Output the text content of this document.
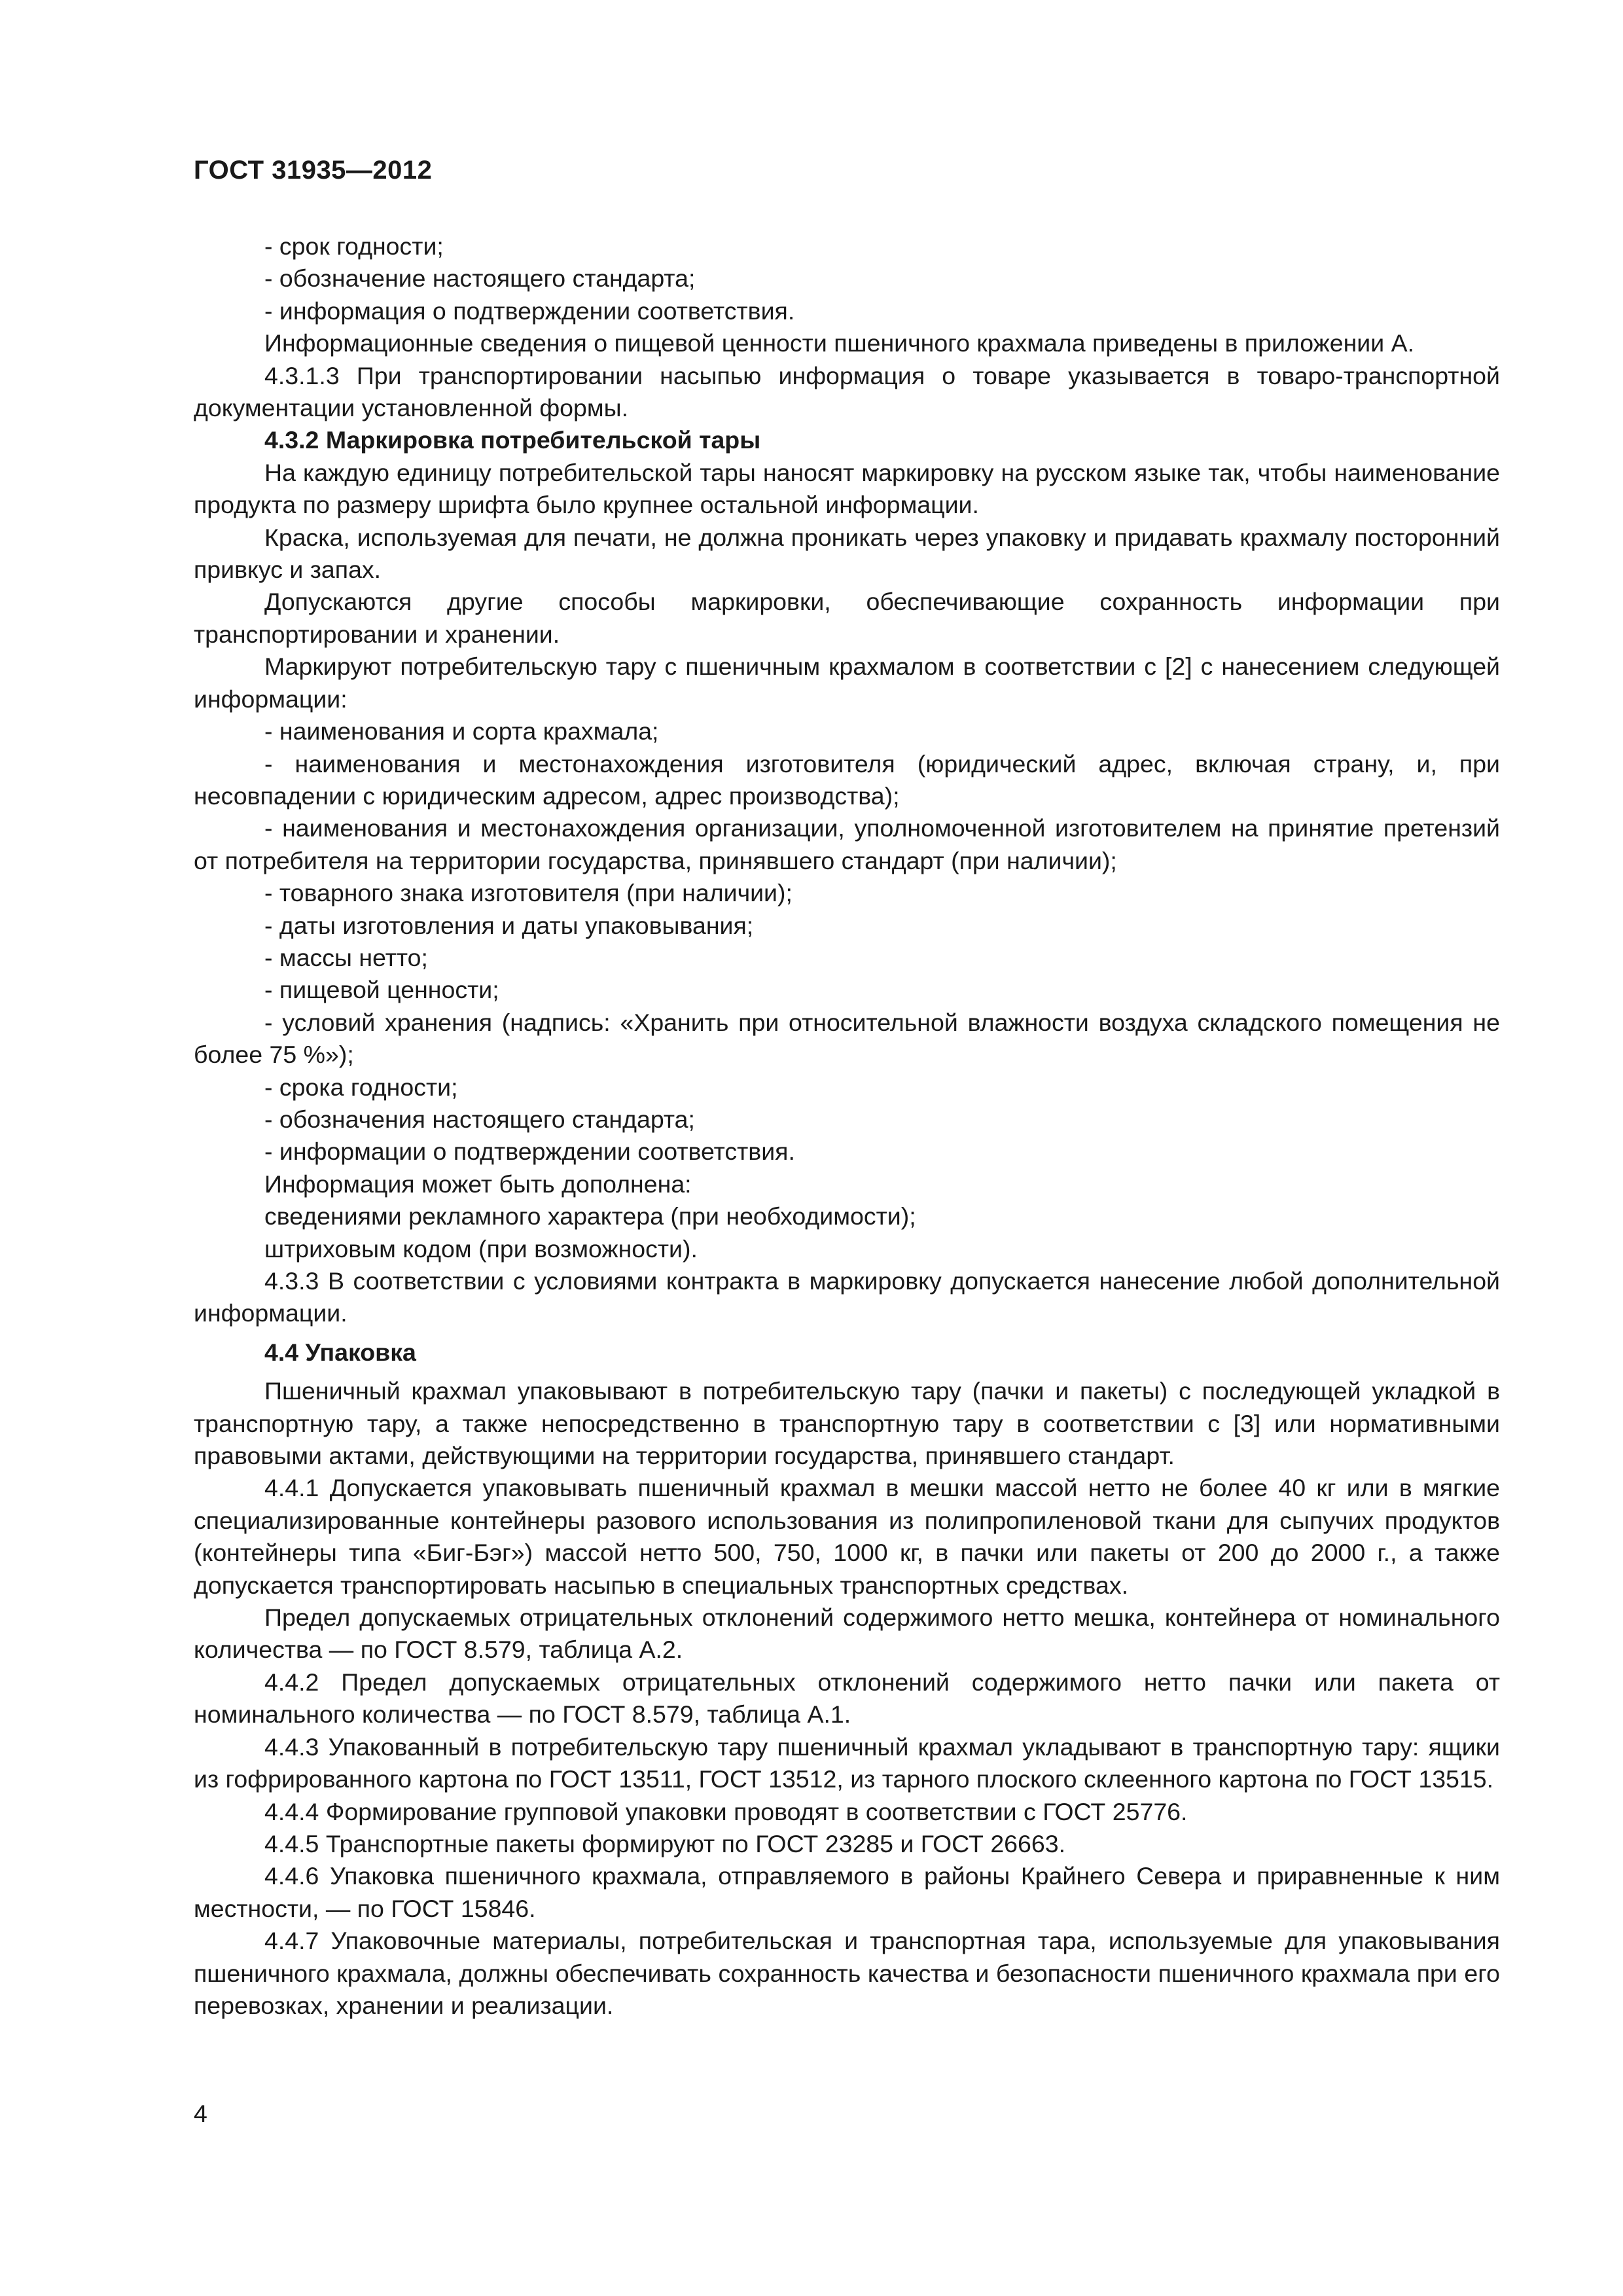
ГОСТ 31935—2012

- срок годности;

- обозначение настоящего стандарта;

- информация о подтверждении соответствия.

Информационные сведения о пищевой ценности пшеничного крахмала приведены в приложении А.

4.3.1.3 При транспортировании насыпью информация о товаре указывается в товаро-транспортной документации установленной формы.

4.3.2 Маркировка потребительской тары

На каждую единицу потребительской тары наносят маркировку на русском языке так, чтобы наименование продукта по размеру шрифта было крупнее остальной информации.

Краска, используемая для печати, не должна проникать через упаковку и придавать крахмалу посторонний привкус и запах.

Допускаются другие способы маркировки, обеспечивающие сохранность информации при транспортировании и хранении.

Маркируют потребительскую тару с пшеничным крахмалом в соответствии с [2] с нанесением следующей информации:

- наименования и сорта крахмала;

- наименования и местонахождения изготовителя (юридический адрес, включая страну, и, при несовпадении с юридическим адресом, адрес производства);

- наименования и местонахождения организации, уполномоченной изготовителем на принятие претензий от потребителя на территории государства, принявшего стандарт (при наличии);

- товарного знака изготовителя (при наличии);

- даты изготовления и даты упаковывания;

- массы нетто;

- пищевой ценности;

- условий хранения (надпись: «Хранить при относительной влажности воздуха складского помещения не более 75 %»);

- срока годности;

- обозначения настоящего стандарта;

- информации о подтверждении соответствия.

Информация может быть дополнена:

сведениями рекламного характера (при необходимости);

штриховым кодом (при возможности).

4.3.3 В соответствии с условиями контракта в маркировку допускается нанесение любой дополнительной информации.

4.4 Упаковка

Пшеничный крахмал упаковывают в потребительскую тару (пачки и пакеты) с последующей укладкой в транспортную тару, а также непосредственно в транспортную тару в соответствии с [3] или нормативными правовыми актами, действующими на территории государства, принявшего стандарт.

4.4.1 Допускается упаковывать пшеничный крахмал в мешки массой нетто не более 40 кг или в мягкие специализированные контейнеры разового использования из полипропиленовой ткани для сыпучих продуктов (контейнеры типа «Биг-Бэг») массой нетто 500, 750, 1000 кг, в пачки или пакеты от 200 до 2000 г., а также допускается транспортировать насыпью в специальных транспортных средствах.

Предел допускаемых отрицательных отклонений содержимого нетто мешка, контейнера от номинального количества — по ГОСТ 8.579, таблица А.2.

4.4.2 Предел допускаемых отрицательных отклонений содержимого нетто пачки или пакета от номинального количества — по ГОСТ 8.579, таблица А.1.

4.4.3 Упакованный в потребительскую тару пшеничный крахмал укладывают в транспортную тару: ящики из гофрированного картона по ГОСТ 13511, ГОСТ 13512, из тарного плоского склеенного картона по ГОСТ 13515.

4.4.4 Формирование групповой упаковки проводят в соответствии с ГОСТ 25776.

4.4.5 Транспортные пакеты формируют по ГОСТ 23285 и ГОСТ 26663.

4.4.6 Упаковка пшеничного крахмала, отправляемого в районы Крайнего Севера и приравненные к ним местности, — по ГОСТ 15846.

4.4.7 Упаковочные материалы, потребительская и транспортная тара, используемые для упаковывания пшеничного крахмала, должны обеспечивать сохранность качества и безопасности пшеничного крахмала при его перевозках, хранении и реализации.

4
